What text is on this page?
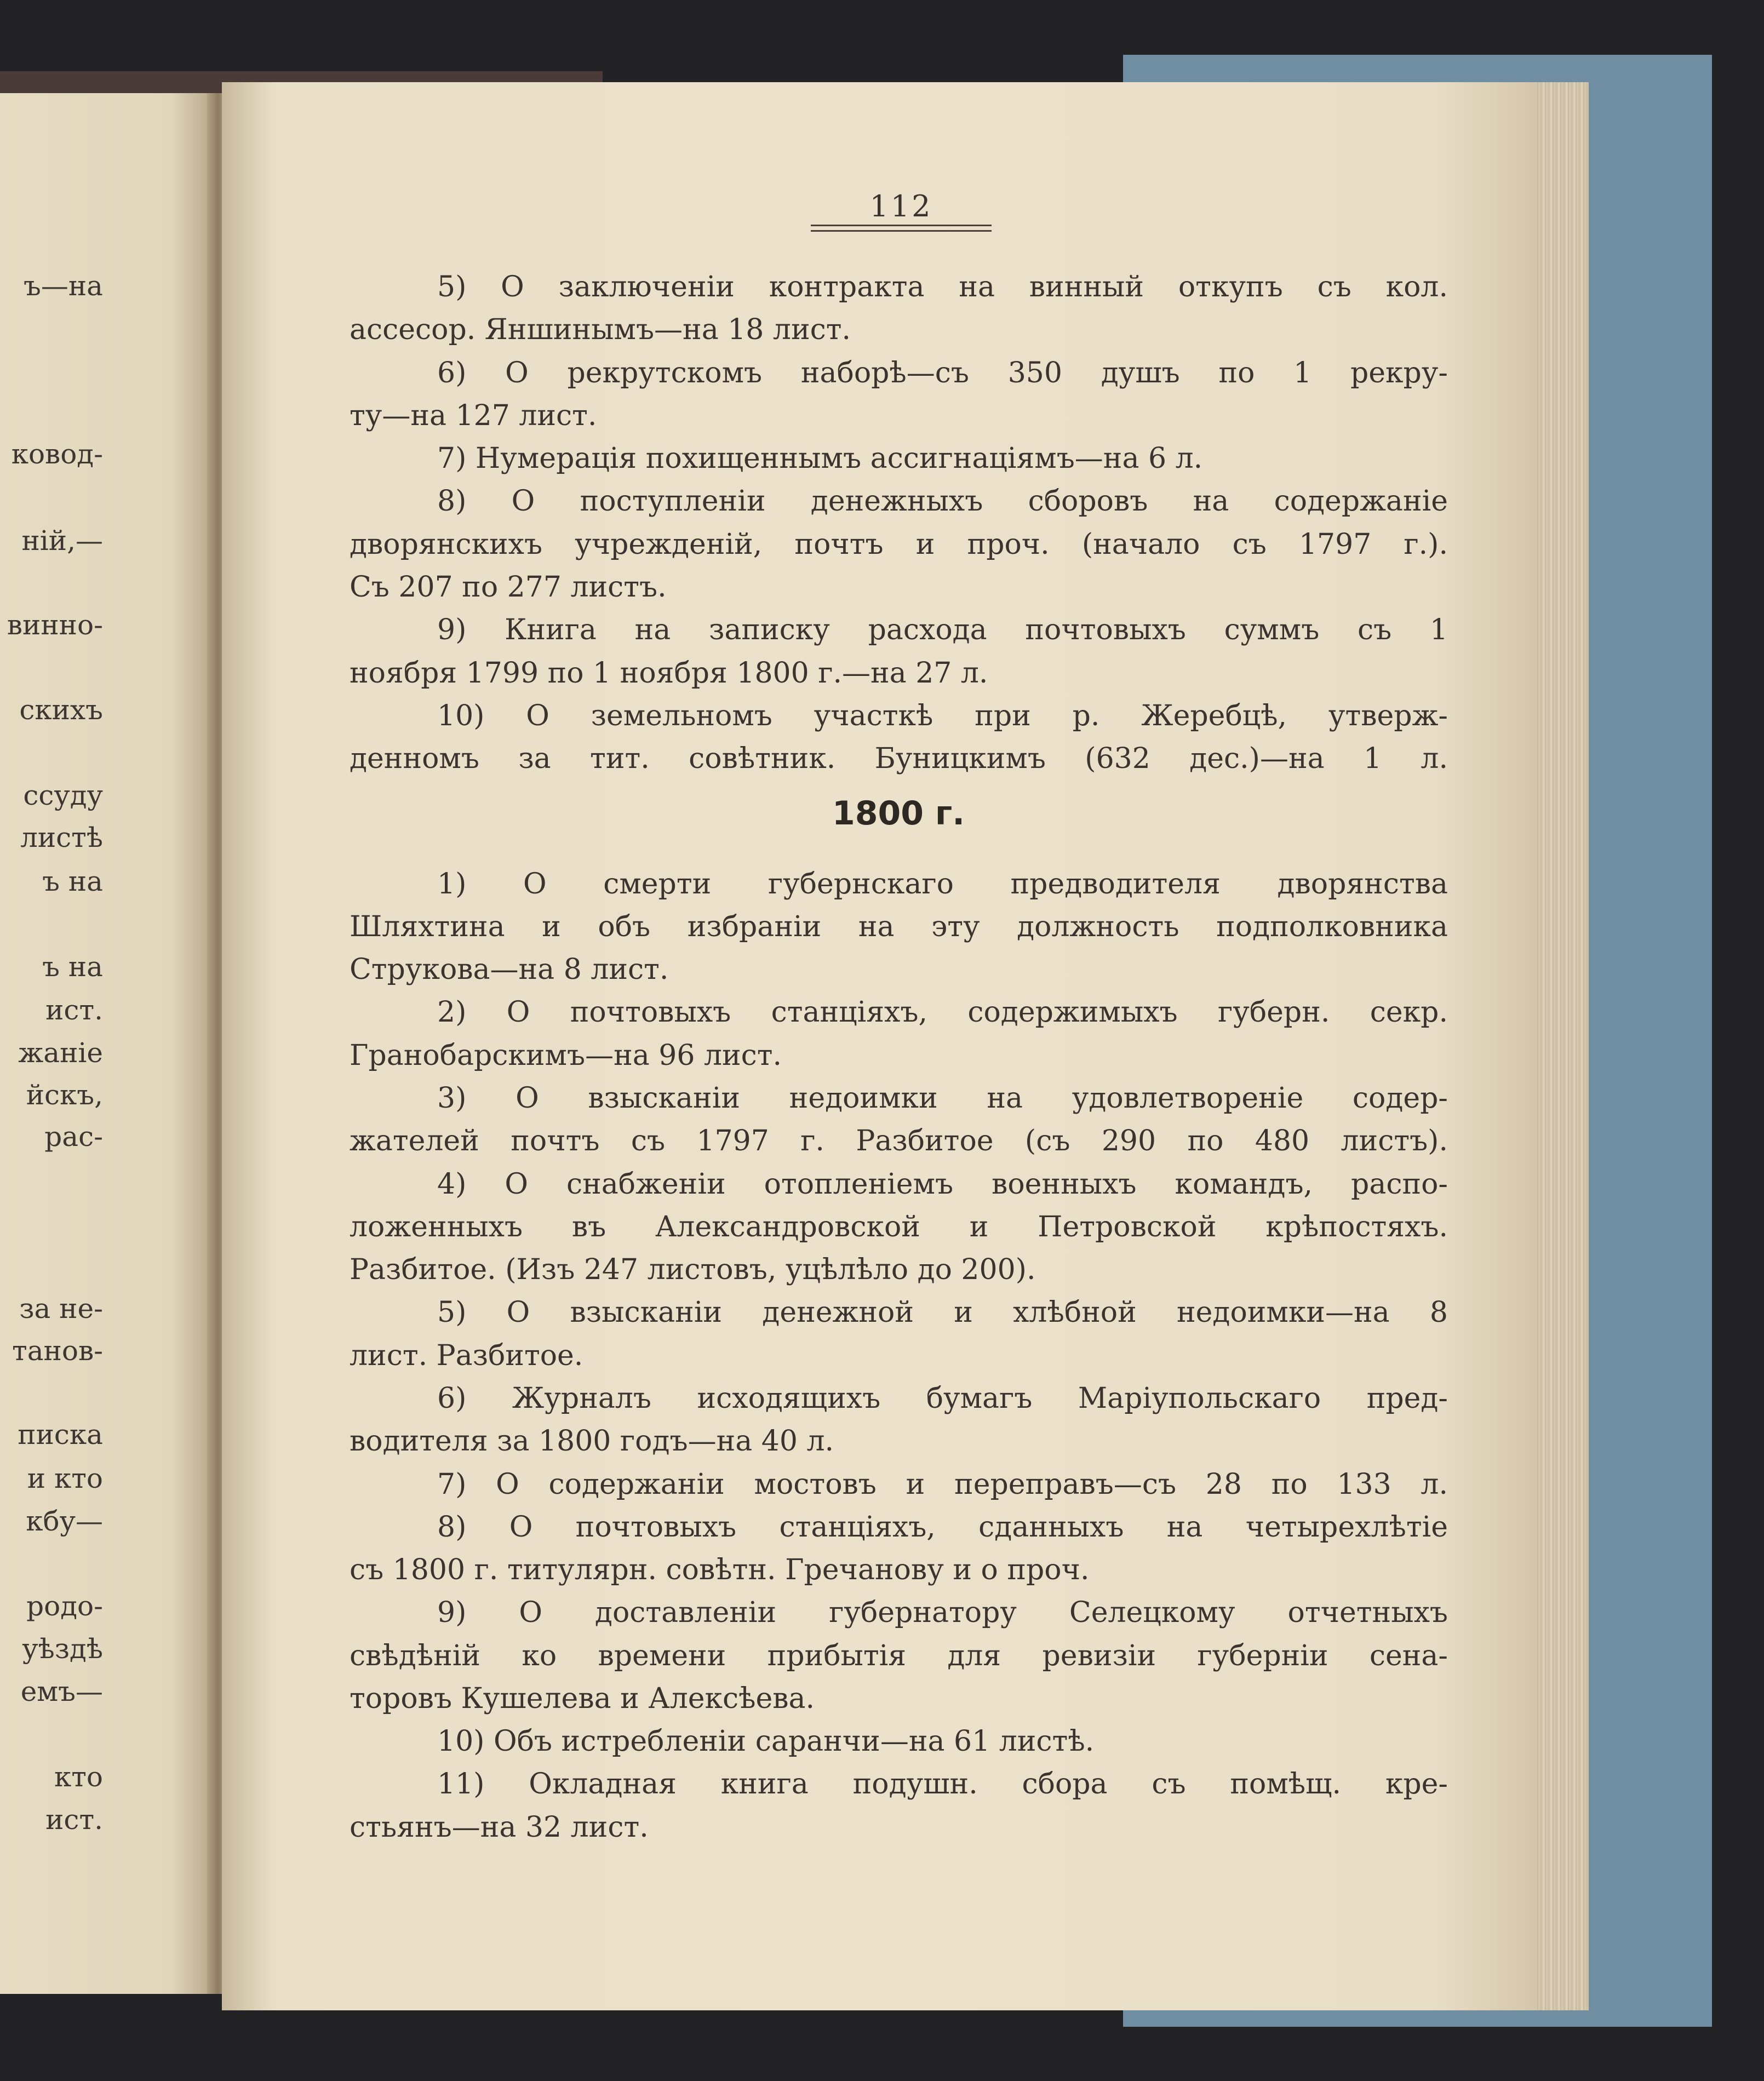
ъ—на
ковод-
ній,—
винно-
скихъ
ссуду
листѣ
ъ на
ъ на
ист.
жаніе
йскъ,
рас-
за не-
танов-
писка
и кто
кбу—
родо-
уѣздѣ
емъ—
кто
ист.
112
5) О заключеніи контракта на винный откупъ съ кол.
ассесор. Яншинымъ—на 18 лист.
6) О рекрутскомъ наборѣ—съ 350 душъ по 1 рекру-
ту—на 127 лист.
7) Нумерація похищеннымъ ассигнаціямъ—на 6 л.
8) О поступленіи денежныхъ сборовъ на содержаніе
дворянскихъ учрежденій, почтъ и проч. (начало съ 1797 г.).
Съ 207 по 277 листъ.
9) Книга на записку расхода почтовыхъ суммъ съ 1
ноября 1799 по 1 ноября 1800 г.—на 27 л.
10) О земельномъ участкѣ при р. Жеребцѣ, утверж-
денномъ за тит. совѣтник. Буницкимъ (632 дес.)—на 1 л.
1800 г.
1) О смерти губернскаго предводителя дворянства
Шляхтина и объ избраніи на эту должность подполковника
Струкова—на 8 лист.
2) О почтовыхъ станціяхъ, содержимыхъ губерн. секр.
Гранобарскимъ—на 96 лист.
3) О взысканіи недоимки на удовлетвореніе содер-
жателей почтъ съ 1797 г. Разбитое (съ 290 по 480 листъ).
4) О снабженіи отопленіемъ военныхъ командъ, распо-
ложенныхъ въ Александровской и Петровской крѣпостяхъ.
Разбитое. (Изъ 247 листовъ, уцѣлѣло до 200).
5) О взысканіи денежной и хлѣбной недоимки—на 8
лист. Разбитое.
6) Журналъ исходящихъ бумагъ Маріупольскаго пред-
водителя за 1800 годъ—на 40 л.
7) О содержаніи мостовъ и переправъ—съ 28 по 133 л.
8) О почтовыхъ станціяхъ, сданныхъ на четырехлѣтіе
съ 1800 г. титулярн. совѣтн. Гречанову и о проч.
9) О доставленіи губернатору Селецкому отчетныхъ
свѣдѣній ко времени прибытія для ревизіи губерніи сена-
торовъ Кушелева и Алексѣева.
10) Объ истребленіи саранчи—на 61 листѣ.
11) Окладная книга подушн. сбора съ помѣщ. кре-
стьянъ—на 32 лист.
